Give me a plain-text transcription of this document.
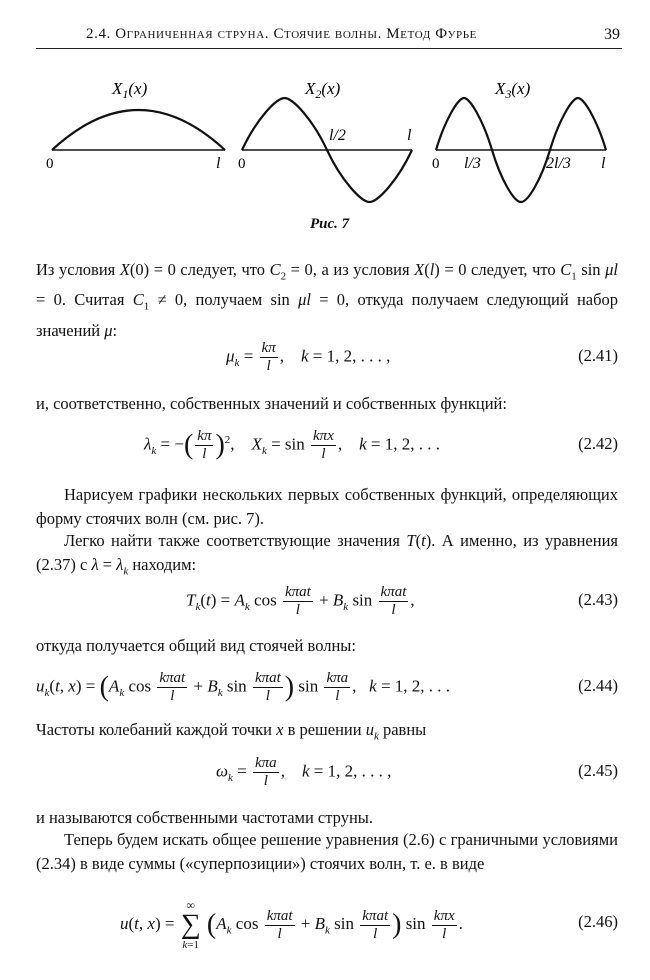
2.4. Ограниченная струна. Стоячие волны. Метод Фурье	39
$X_1(x)$
0	l
$X_2(x)$
0
l/2	l
$X_3(x)$
0 l/3	2l/3 l
Рис. 7
Из условия X(0) = 0 следует, что $C_2 = 0$, а из условия X(l) = 0 следует, что $C_1$ sin μl = 0. Считая $C_1 \ne 0$, получаем sin μl = 0, откуда получаем следующий набор значений μ:
$\mu_k = \frac{k\pi}{l}$ ,    k = 1, 2, . . . ,	(2.41)
и, соответственно, собственных значений и собственных функций:
$\lambda_k$ = −( $\frac{k\pi}{l} )^2$,    $X_k = \sin \frac{\text{kπx}}{l}$ ,    k = 1, 2, . . .	(2.42)
Нарисуем графики нескольких первых собственных функций, определяющих форму стоячих волн (см. рис. 7).
Легко найти также соответствующие значения T(t). А именно, из уравнения (2.37) с $\lambda = \lambda_k$ находим:
$T_k(t) = A_k$ $\cos \frac{\text{kπat}}{l} + B_k$ $\sin \frac{\text{kπat}}{l}$ ,	(2.43)
откуда получается общий вид стоячей волны:
$u_k(t$, $x) = (A_k$ $\cos \frac{\text{kπat}}{l} + B_k$ $\sin \frac{\text{kπat}}{l}$ ) $\sin \frac{\text{kπa}}{l}$ ,   k = 1, 2, . . .	(2.44)
Частоты колебаний каждой точки x в решении $u_k$ равны
$\omega_k = \frac{\text{kπa}}{l}$ ,    k = 1, 2, . . . ,	(2.45)
и называются собственными частотами струны.
Теперь будем искать общее решение уравнения (2.6) с граничными условиями (2.34) в виде суммы («суперпозиции») стоячих волн, т. е. в виде
u(t, x) =
∞
∑
k=1
($A_k$ $\cos \frac{\text{kπat}}{l} + B_k$ $\sin \frac{\text{kπat}}{l}$ ) $\sin \frac{\text{kπx}}{l}$ .	(2.46)
